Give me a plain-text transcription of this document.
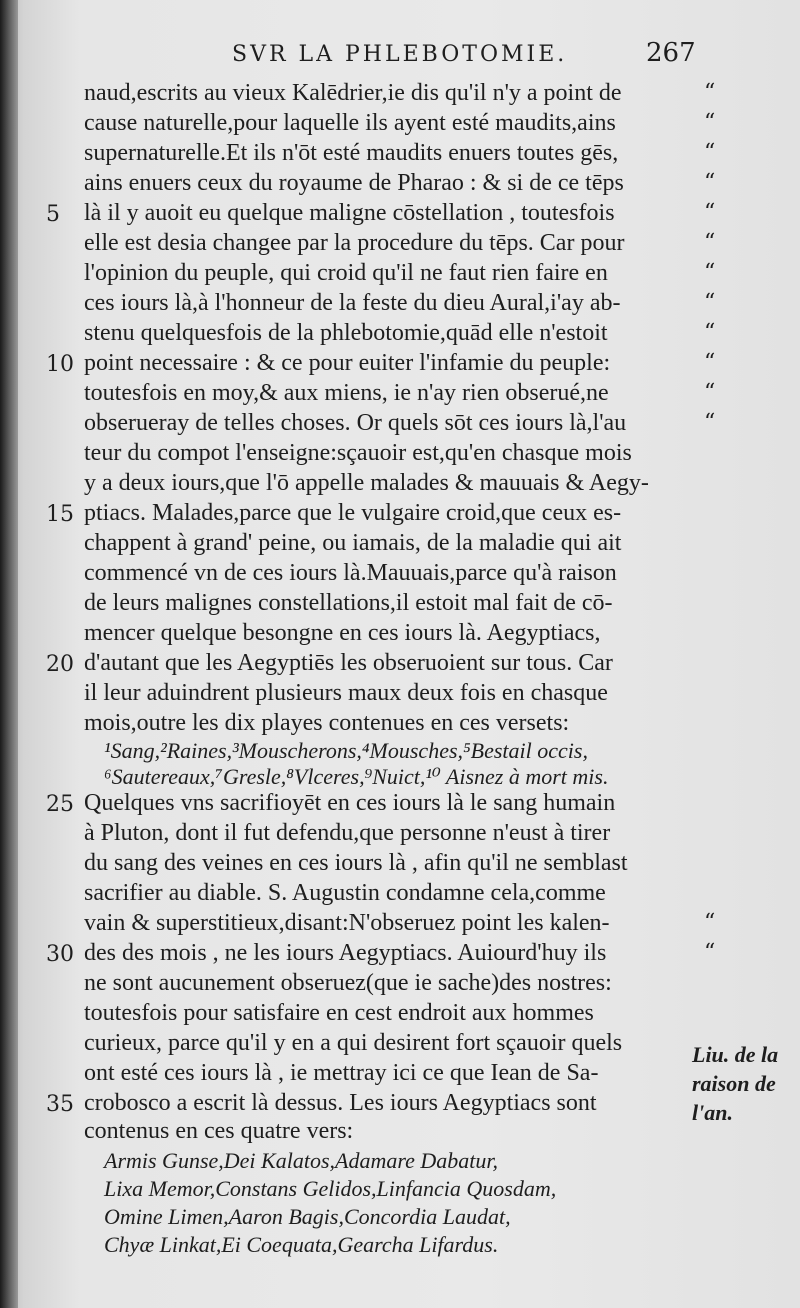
SVR LA PHLEBOTOMIE.	267
naud,escrits au vieux Kalēdrier,ie dis qu'il n'y a point de	“
cause naturelle,pour laquelle ils ayent esté maudits,ains	“
supernaturelle.Et ils n'ōt esté maudits enuers toutes gēs,	“
ains enuers ceux du royaume de Pharao : & si de ce tēps	“
5 là il y auoit eu quelque maligne cōstellation , toutesfois	“
elle est desia changee par la procedure du tēps. Car pour	“
l'opinion du peuple, qui croid qu'il ne faut rien faire en	“
ces iours là,à l'honneur de la feste du dieu Aural,i'ay ab-	“
stenu quelquesfois de la phlebotomie,quād elle n'estoit	“
10 point necessaire : & ce pour euiter l'infamie du peuple:	“
toutesfois en moy,& aux miens, ie n'ay rien obserué,ne	“
obserueray de telles choses. Or quels sōt ces iours là,l'au	“
teur du compot l'enseigne:sçauoir est,qu'en chasque mois
y a deux iours,que l'ō appelle malades & mauuais & Aegy-
15 ptiacs. Malades,parce que le vulgaire croid,que ceux es-
chappent à grand' peine, ou iamais, de la maladie qui ait
commencé vn de ces iours là.Mauuais,parce qu'à raison
de leurs malignes constellations,il estoit mal fait de cō-
mencer quelque besongne en ces iours là. Aegyptiacs,
20 d'autant que les Aegyptiēs les obseruoient sur tous. Car
il leur aduindrent plusieurs maux deux fois en chasque
mois,outre les dix playes contenues en ces versets:
¹Sang,²Raines,³Mouscherons,⁴Mousches,⁵Bestail occis,
⁶Sautereaux,⁷Gresle,⁸Vlceres,⁹Nuict,¹⁰ Aisnez à mort mis.
25 Quelques vns sacrifioyēt en ces iours là le sang humain
à Pluton, dont il fut defendu,que personne n'eust à tirer
du sang des veines en ces iours là , afin qu'il ne semblast
sacrifier au diable. S. Augustin condamne cela,comme
vain & superstitieux,disant:N'obseruez point les kalen-	“
30 des des mois , ne les iours Aegyptiacs. Auiourd'huy ils	“
ne sont aucunement obseruez(que ie sache)des nostres:
toutesfois pour satisfaire en cest endroit aux hommes
curieux, parce qu'il y en a qui desirent fort sçauoir quels
ont esté ces iours là , ie mettray ici ce que Iean de Sa-
35 crobosco a escrit là dessus. Les iours Aegyptiacs sont
contenus en ces quatre vers:
Armis Gunse,Dei Kalatos,Adamare Dabatur,
Lixa Memor,Constans Gelidos,Linfancia Quosdam,
Omine Limen,Aaron Bagis,Concordia Laudat,
Chyæ Linkat,Ei Coequata,Gearcha Lifardus.
Liu. de la
raison de
l'an.
